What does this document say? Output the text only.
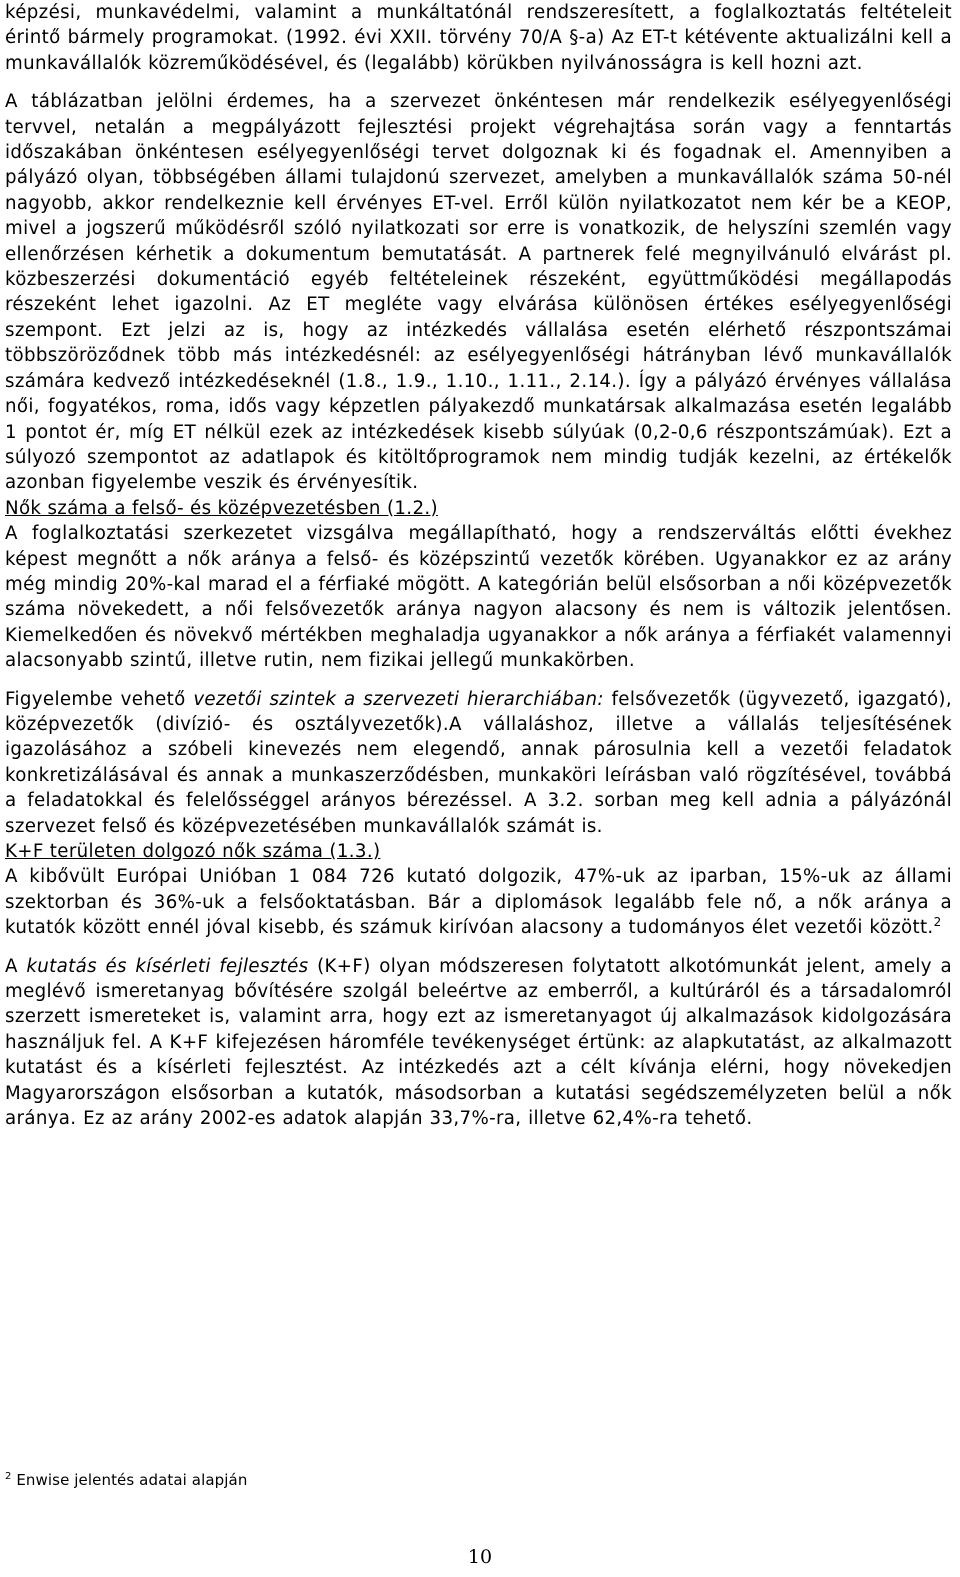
képzési, munkavédelmi, valamint a munkáltatónál rendszeresített, a foglalkoztatás feltételeit érintő bármely programokat. (1992. évi XXII. törvény 70/A §-a) Az ET-t kétévente aktualizálni kell a munkavállalók közreműködésével, és (legalább) körükben nyilvánosságra is kell hozni azt.

A táblázatban jelölni érdemes, ha a szervezet önkéntesen már rendelkezik esélyegyenlőségi tervvel, netalán a megpályázott fejlesztési projekt végrehajtása során vagy a fenntartás időszakában önkéntesen esélyegyenlőségi tervet dolgoznak ki és fogadnak el. Amennyiben a pályázó olyan, többségében állami tulajdonú szervezet, amelyben a munkavállalók száma 50-nél nagyobb, akkor rendelkeznie kell érvényes ET-vel. Erről külön nyilatkozatot nem kér be a KEOP, mivel a jogszerű működésről szóló nyilatkozati sor erre is vonatkozik, de helyszíni szemlén vagy ellenőrzésen kérhetik a dokumentum bemutatását. A partnerek felé megnyilvánuló elvárást pl. közbeszerzési dokumentáció egyéb feltételeinek részeként, együttműködési megállapodás részeként lehet igazolni. Az ET megléte vagy elvárása különösen értékes esélyegyenlőségi szempont. Ezt jelzi az is, hogy az intézkedés vállalása esetén elérhető részpontszámai többszöröződnek több más intézkedésnél: az esélyegyenlőségi hátrányban lévő munkavállalók számára kedvező intézkedéseknél (1.8., 1.9., 1.10., 1.11., 2.14.). Így a pályázó érvényes vállalása női, fogyatékos, roma, idős vagy képzetlen pályakezdő munkatársak alkalmazása esetén legalább 1 pontot ér, míg ET nélkül ezek az intézkedések kisebb súlyúak (0,2-0,6 részpontszámúak). Ezt a súlyozó szempontot az adatlapok és kitöltőprogramok nem mindig tudják kezelni, az értékelők azonban figyelembe veszik és érvényesítik.

Nők száma a felső- és középvezetésben (1.2.)

A foglalkoztatási szerkezetet vizsgálva megállapítható, hogy a rendszerváltás előtti évekhez képest megnőtt a nők aránya a felső- és középszintű vezetők körében. Ugyanakkor ez az arány még mindig 20%-kal marad el a férfiaké mögött. A kategórián belül elsősorban a női középvezetők száma növekedett, a női felsővezetők aránya nagyon alacsony és nem is változik jelentősen. Kiemelkedően és növekvő mértékben meghaladja ugyanakkor a nők aránya a férfiakét valamennyi alacsonyabb szintű, illetve rutin, nem fizikai jellegű munkakörben.

Figyelembe vehető vezetői szintek a szervezeti hierarchiában: felsővezetők (ügyvezető, igazgató), középvezetők (divízió- és osztályvezetők).A vállaláshoz, illetve a vállalás teljesítésének igazolásához a szóbeli kinevezés nem elegendő, annak párosulnia kell a vezetői feladatok konkretizálásával és annak a munkaszerződésben, munkaköri leírásban való rögzítésével, továbbá a feladatokkal és felelősséggel arányos bérezéssel. A 3.2. sorban meg kell adnia a pályázónál szervezet felső és középvezetésében munkavállalók számát is.

K+F területen dolgozó nők száma (1.3.)

A kibővült Európai Unióban 1 084 726 kutató dolgozik, 47%-uk az iparban, 15%-uk az állami szektorban és 36%-uk a felsőoktatásban. Bár a diplomások legalább fele nő, a nők aránya a kutatók között ennél jóval kisebb, és számuk kirívóan alacsony a tudományos élet vezetői között.$^2$

A kutatás és kísérleti fejlesztés (K+F) olyan módszeresen folytatott alkotómunkát jelent, amely a meglévő ismeretanyag bővítésére szolgál beleértve az emberről, a kultúráról és a társadalomról szerzett ismereteket is, valamint arra, hogy ezt az ismeretanyagot új alkalmazások kidolgozására használjuk fel. A K+F kifejezésen háromféle tevékenységet értünk: az alapkutatást, az alkalmazott kutatást és a kísérleti fejlesztést. Az intézkedés azt a célt kívánja elérni, hogy növekedjen Magyarországon elsősorban a kutatók, másodsorban a kutatási segédszemélyzeten belül a nők aránya. Ez az arány 2002-es adatok alapján 33,7%-ra, illetve 62,4%-ra tehető.

$^2$ Enwise jelentés adatai alapján
10
